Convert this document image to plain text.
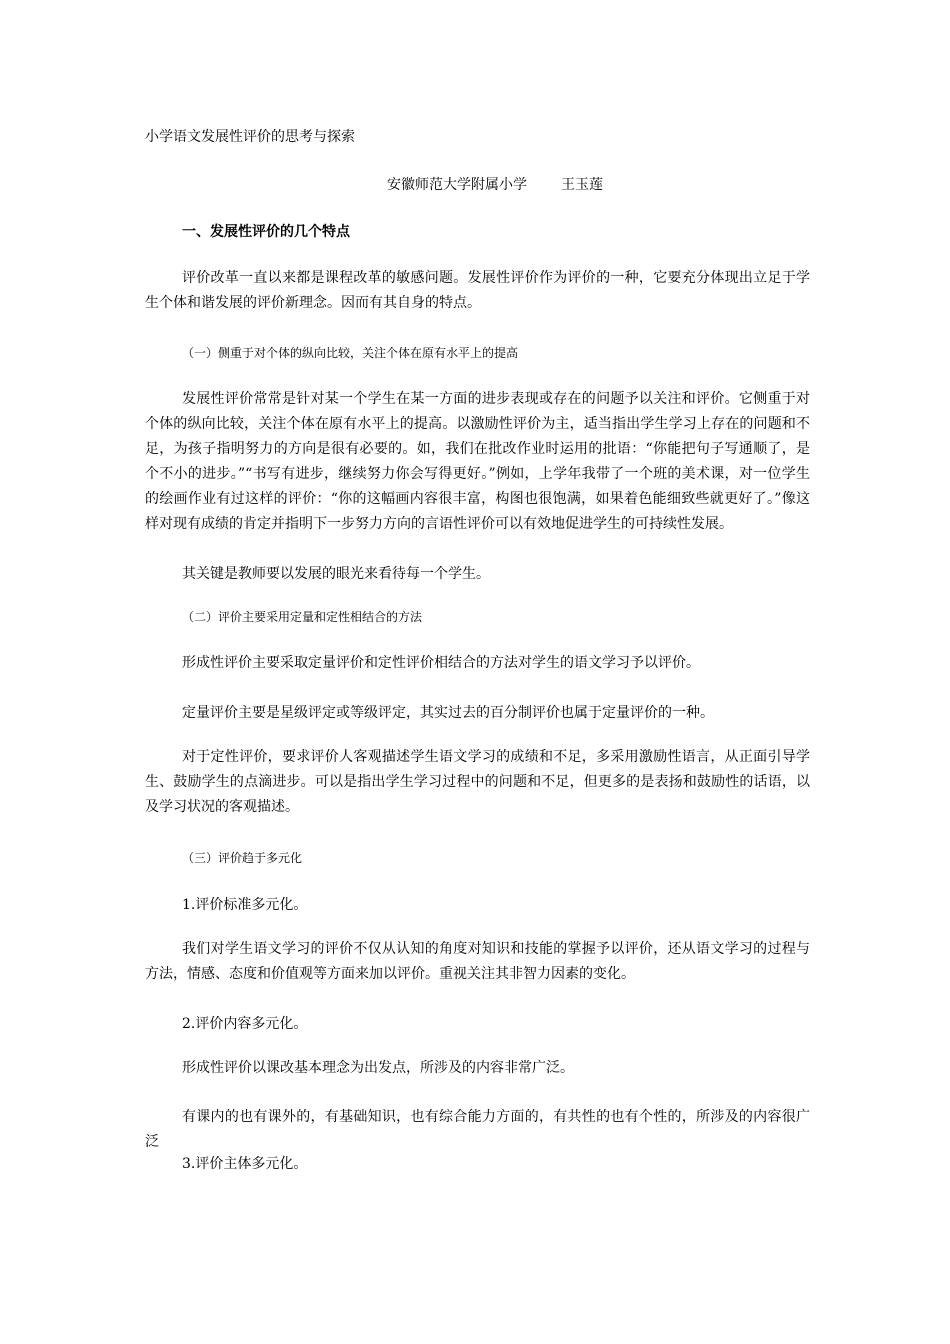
小学语文发展性评价的思考与探索
安徽师范大学附属小学 王玉莲
一、发展性评价的几个特点

评价改革一直以来都是课程改革的敏感问题。发展性评价作为评价的一种，它要充分体现出立足于学生个体和谐发展的评价新理念。因而有其自身的特点。

（一）侧重于对个体的纵向比较，关注个体在原有水平上的提高

发展性评价常常是针对某一个学生在某一方面的进步表现或存在的问题予以关注和评价。它侧重于对个体的纵向比较，关注个体在原有水平上的提高。以激励性评价为主，适当指出学生学习上存在的问题和不足，为孩子指明努力的方向是很有必要的。如，我们在批改作业时运用的批语：“你能把句子写通顺了，是个不小的进步。”“书写有进步，继续努力你会写得更好。”例如，上学年我带了一个班的美术课，对一位学生的绘画作业有过这样的评价：“你的这幅画内容很丰富，构图也很饱满，如果着色能细致些就更好了。”像这样对现有成绩的肯定并指明下一步努力方向的言语性评价可以有效地促进学生的可持续性发展。

其关键是教师要以发展的眼光来看待每一个学生。

（二）评价主要采用定量和定性相结合的方法

形成性评价主要采取定量评价和定性评价相结合的方法对学生的语文学习予以评价。

定量评价主要是星级评定或等级评定，其实过去的百分制评价也属于定量评价的一种。

对于定性评价，要求评价人客观描述学生语文学习的成绩和不足，多采用激励性语言，从正面引导学生、鼓励学生的点滴进步。可以是指出学生学习过程中的问题和不足，但更多的是表扬和鼓励性的话语，以及学习状况的客观描述。

（三）评价趋于多元化

1.评价标准多元化。

我们对学生语文学习的评价不仅从认知的角度对知识和技能的掌握予以评价，还从语文学习的过程与方法，情感、态度和价值观等方面来加以评价。重视关注其非智力因素的变化。

2.评价内容多元化。

形成性评价以课改基本理念为出发点，所涉及的内容非常广泛。

有课内的也有课外的，有基础知识，也有综合能力方面的，有共性的也有个性的，所涉及的内容很广泛

3.评价主体多元化。
